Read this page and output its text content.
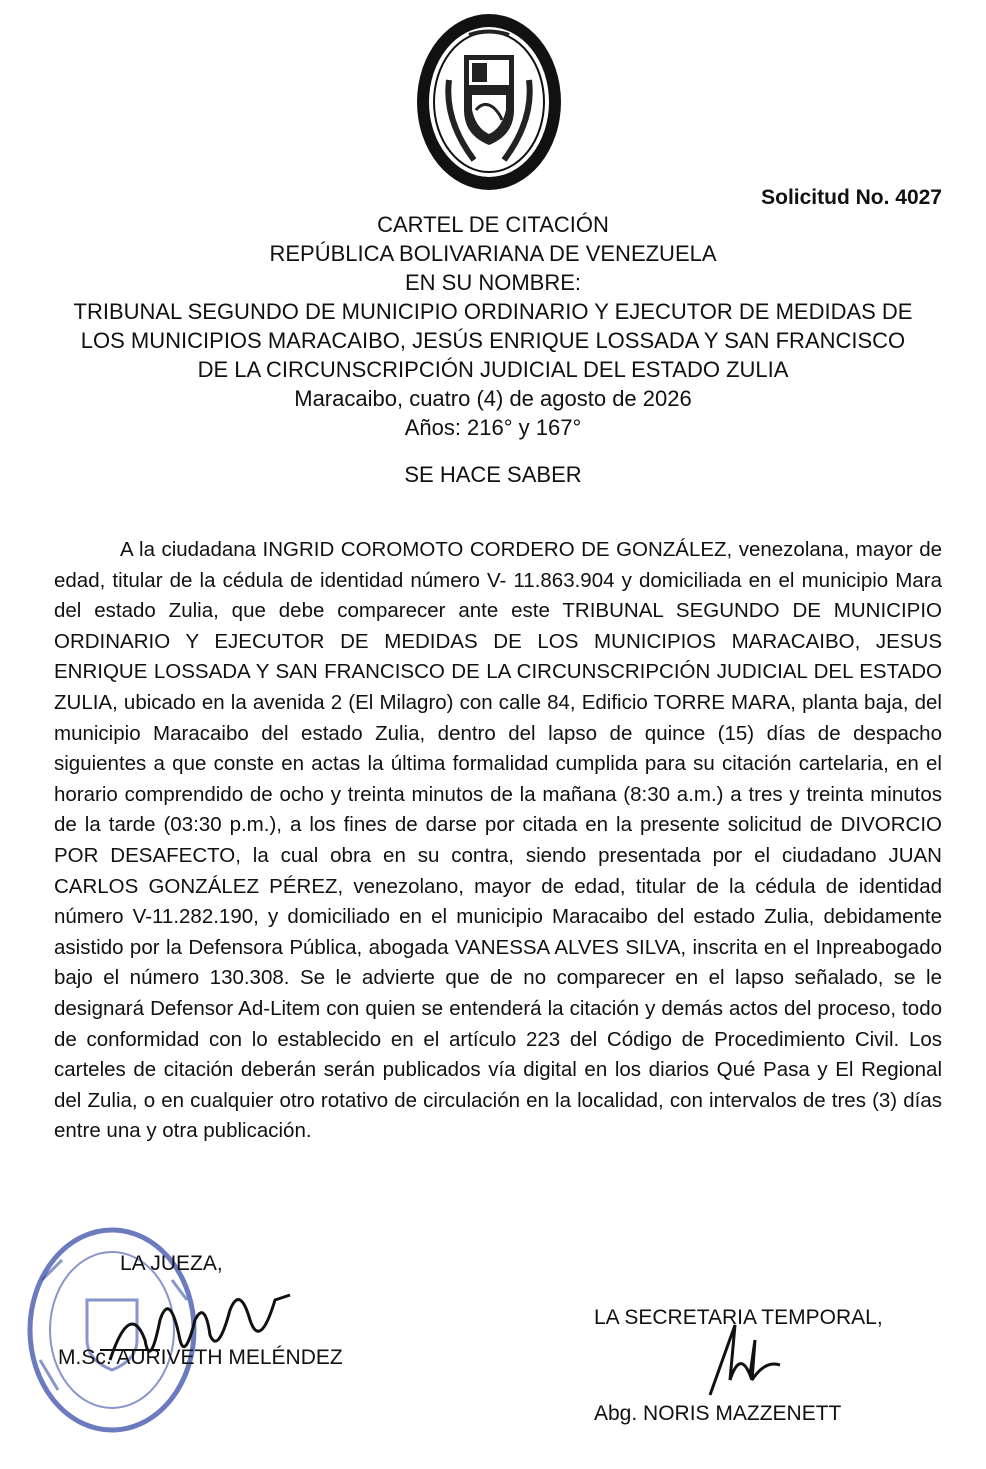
Solicitud No. 4027
CARTEL DE CITACIÓN
REPÚBLICA BOLIVARIANA DE VENEZUELA
EN SU NOMBRE:
TRIBUNAL SEGUNDO DE MUNICIPIO ORDINARIO Y EJECUTOR DE MEDIDAS DE
LOS MUNICIPIOS MARACAIBO, JESÚS ENRIQUE LOSSADA Y SAN FRANCISCO
DE LA CIRCUNSCRIPCIÓN JUDICIAL DEL ESTADO ZULIA
Maracaibo, cuatro (4) de agosto de 2026
Años: 216° y 167°
SE HACE SABER

A la ciudadana INGRID COROMOTO CORDERO DE GONZÁLEZ, venezolana, mayor de edad, titular de la cédula de identidad número V- 11.863.904 y domiciliada en el municipio Mara del estado Zulia, que debe comparecer ante este TRIBUNAL SEGUNDO DE MUNICIPIO ORDINARIO Y EJECUTOR DE MEDIDAS DE LOS MUNICIPIOS MARACAIBO, JESUS ENRIQUE LOSSADA Y SAN FRANCISCO DE LA CIRCUNSCRIPCIÓN JUDICIAL DEL ESTADO ZULIA, ubicado en la avenida 2 (El Milagro) con calle 84, Edificio TORRE MARA, planta baja, del municipio Maracaibo del estado Zulia, dentro del lapso de quince (15) días de despacho siguientes a que conste en actas la última formalidad cumplida para su citación cartelaria, en el horario comprendido de ocho y treinta minutos de la mañana (8:30 a.m.) a tres y treinta minutos de la tarde (03:30 p.m.), a los fines de darse por citada en la presente solicitud de DIVORCIO POR DESAFECTO, la cual obra en su contra, siendo presentada por el ciudadano JUAN CARLOS GONZÁLEZ PÉREZ, venezolano, mayor de edad, titular de la cédula de identidad número V-11.282.190, y domiciliado en el municipio Maracaibo del estado Zulia, debidamente asistido por la Defensora Pública, abogada VANESSA ALVES SILVA, inscrita en el Inpreabogado bajo el número 130.308. Se le advierte que de no comparecer en el lapso señalado, se le designará Defensor Ad-Litem con quien se entenderá la citación y demás actos del proceso, todo de conformidad con lo establecido en el artículo 223 del Código de Procedimiento Civil. Los carteles de citación deberán serán publicados vía digital en los diarios Qué Pasa y El Regional del Zulia, o en cualquier otro rotativo de circulación en la localidad, con intervalos de tres (3) días entre una y otra publicación.

LA JUEZA,
M.Sc. AURIVETH MELÉNDEZ
LA SECRETARIA TEMPORAL,
Abg. NORIS MAZZENETT
